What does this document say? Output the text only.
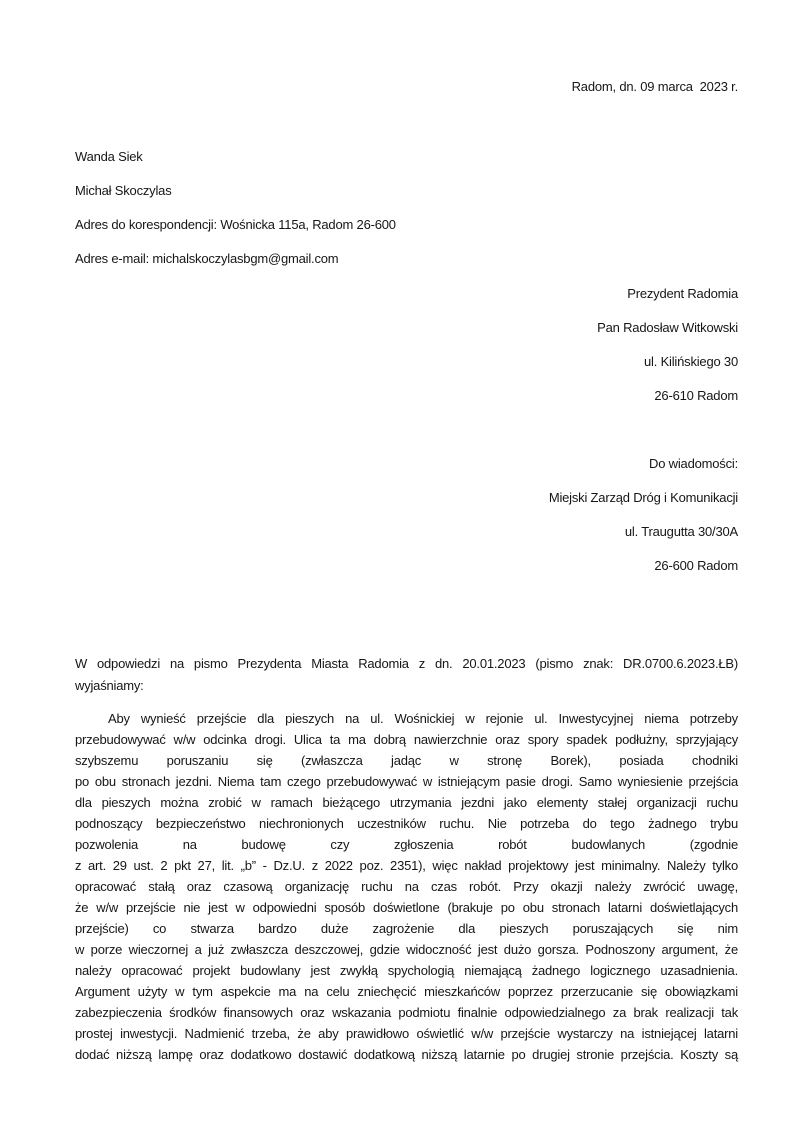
Radom, dn. 09 marca  2023 r.
Wanda Siek
Michał Skoczylas
Adres do korespondencji: Wośnicka 115a, Radom 26-600
Adres e-mail: michalskoczylasbgm@gmail.com
Prezydent Radomia
Pan Radosław Witkowski
ul. Kilińskiego 30
26-610 Radom
Do wiadomości:
Miejski Zarząd Dróg i Komunikacji
ul. Traugutta 30/30A
26-600 Radom
W odpowiedzi na pismo Prezydenta Miasta Radomia z dn. 20.01.2023 (pismo znak: DR.0700.6.2023.ŁB)
wyjaśniamy:
Aby wynieść przejście dla pieszych na ul. Wośnickiej w rejonie ul. Inwestycyjnej niema potrzeby
przebudowywać w/w odcinka drogi. Ulica ta ma dobrą nawierzchnie oraz spory spadek podłużny, sprzyjający
szybszemu poruszaniu się (zwłaszcza jadąc w stronę Borek), posiada chodniki
po obu stronach jezdni. Niema tam czego przebudowywać w istniejącym pasie drogi. Samo wyniesienie przejścia
dla pieszych można zrobić w ramach bieżącego utrzymania jezdni jako elementy stałej organizacji ruchu
podnoszący bezpieczeństwo niechronionych uczestników ruchu. Nie potrzeba do tego żadnego trybu
pozwolenia na budowę czy zgłoszenia robót budowlanych (zgodnie
z art. 29 ust. 2 pkt 27, lit. „b” - Dz.U. z 2022 poz. 2351), więc nakład projektowy jest minimalny. Należy tylko
opracować stałą oraz czasową organizację ruchu na czas robót. Przy okazji należy zwrócić uwagę,
że w/w przejście nie jest w odpowiedni sposób doświetlone (brakuje po obu stronach latarni doświetlających
przejście) co stwarza bardzo duże zagrożenie dla pieszych poruszających się nim
w porze wieczornej a już zwłaszcza deszczowej, gdzie widoczność jest dużo gorsza. Podnoszony argument, że
należy opracować projekt budowlany jest zwykłą spychologią niemającą żadnego logicznego uzasadnienia.
Argument użyty w tym aspekcie ma na celu zniechęcić mieszkańców poprzez przerzucanie się obowiązkami
zabezpieczenia środków finansowych oraz wskazania podmiotu finalnie odpowiedzialnego za brak realizacji tak
prostej inwestycji. Nadmienić trzeba, że aby prawidłowo oświetlić w/w przejście wystarczy na istniejącej latarni
dodać niższą lampę oraz dodatkowo dostawić dodatkową niższą latarnie po drugiej stronie przejścia. Koszty są
